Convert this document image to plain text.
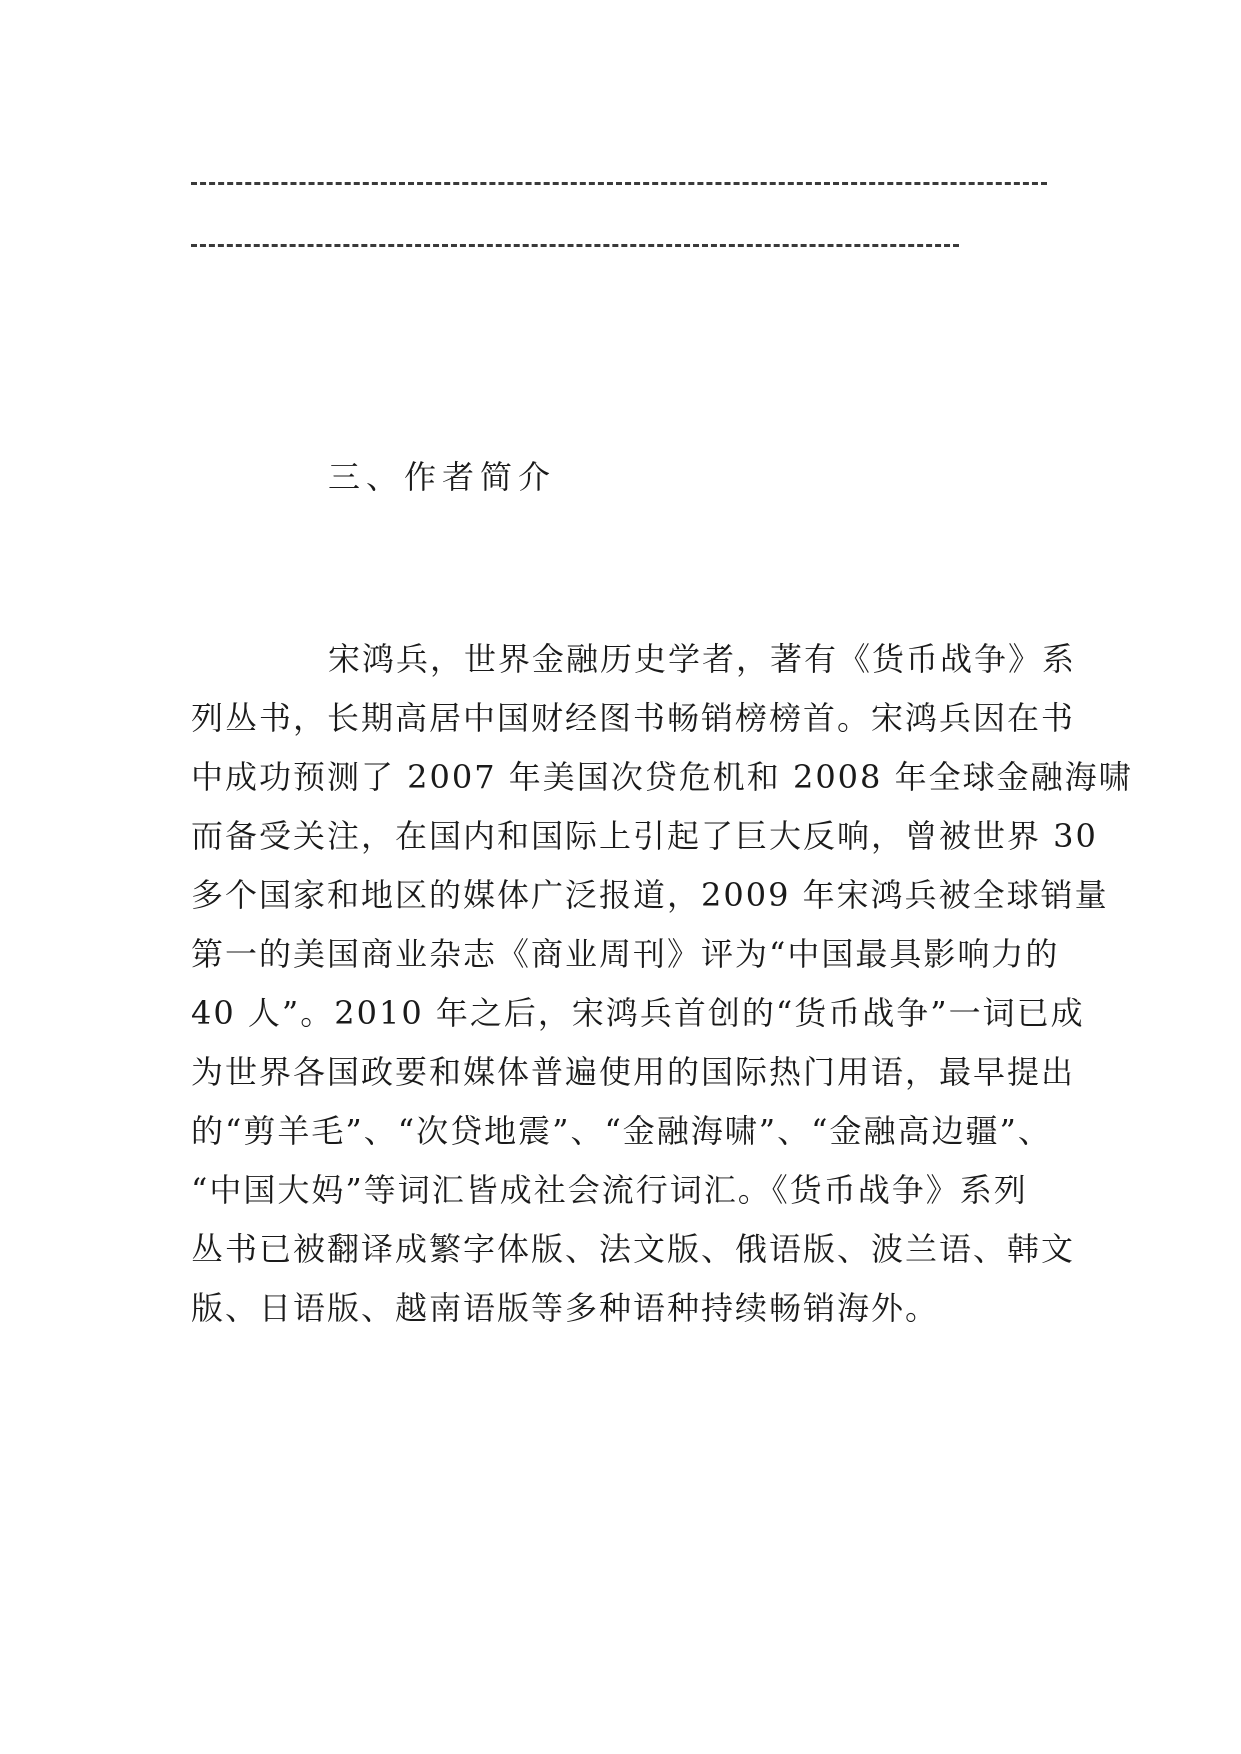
三、作者简介
宋鸿兵，世界金融历史学者，著有《货币战争》系
列丛书，长期高居中国财经图书畅销榜榜首。宋鸿兵因在书
中成功预测了 2007 年美国次贷危机和 2008 年全球金融海啸
而备受关注，在国内和国际上引起了巨大反响，曾被世界 30
多个国家和地区的媒体广泛报道，2009 年宋鸿兵被全球销量
第一的美国商业杂志《商业周刊》评为“中国最具影响力的
40 人”。2010 年之后，宋鸿兵首创的“货币战争”一词已成
为世界各国政要和媒体普遍使用的国际热门用语，最早提出
的“剪羊毛”、“次贷地震”、“金融海啸”、“金融高边疆”、
“中国大妈”等词汇皆成社会流行词汇。《货币战争》系列
丛书已被翻译成繁字体版、法文版、俄语版、波兰语、韩文
版、日语版、越南语版等多种语种持续畅销海外。
